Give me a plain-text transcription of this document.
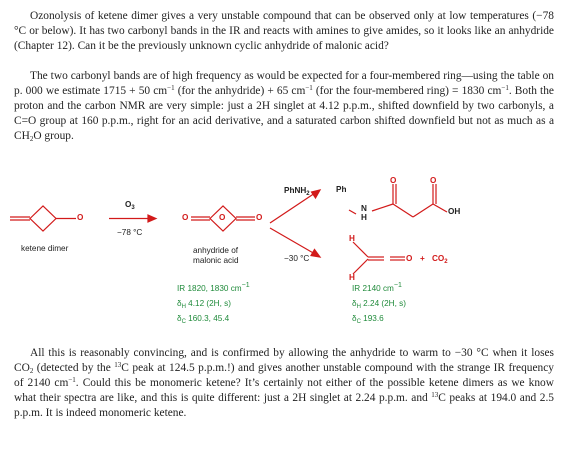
Ozonolysis of ketene dimer gives a very unstable compound that can be observed only at low temperatures (−78 °C or below). It has two carbonyl bands in the IR and reacts with amines to give amides, so it looks like an anhydride (Chapter 12). Can it be the previously unknown cyclic anhydride of malonic acid?

The two carbonyl bands are of high frequency as would be expected for a four-membered ring—using the table on p. 000 we estimate 1715 + 50 $cm^{-1}$ (for the anhydride) + 65 $cm^{-1}$ (for the four-membered ring) = 1830 $cm^{-1}$. Both the proton and the carbon NMR are very simple: just a 2H singlet at 4.12 p.p.m., shifted downfield by two carbonyls, a C=O group at 160 p.p.m., right for an acid derivative, and a saturated carbon shifted downfield but not as much as a $CH_2O$ group.

O
ketene dimer
$O_3$
−78 °C
O	O	O
anhydride of
malonic acid
PhNH$_2$
−30 °C
Ph
N
H
O	O
OH
H
H
$O + CO_2$
IR 1820, 1830 $cm^{-1}$
$\delta_H$ 4.12 (2H, s)
$\delta_C$ 160.3, 45.4
IR 2140 $cm^{-1}$
$\delta_H$ 2.24 (2H, s)
$\delta_C$ 193.6

All this is reasonably convincing, and is confirmed by allowing the anhydride to warm to −30 °C when it loses $CO_2$ (detected by the $^{13}$C peak at 124.5 p.p.m.!) and gives another unstable compound with the strange IR frequency of 2140 $cm^{-1}$. Could this be monomeric ketene? It’s certainly not either of the possible ketene dimers as we know what their spectra are like, and this is quite different: just a 2H singlet at 2.24 p.p.m. and $^{13}$C peaks at 194.0 and 2.5 p.p.m. It is indeed monomeric ketene.
